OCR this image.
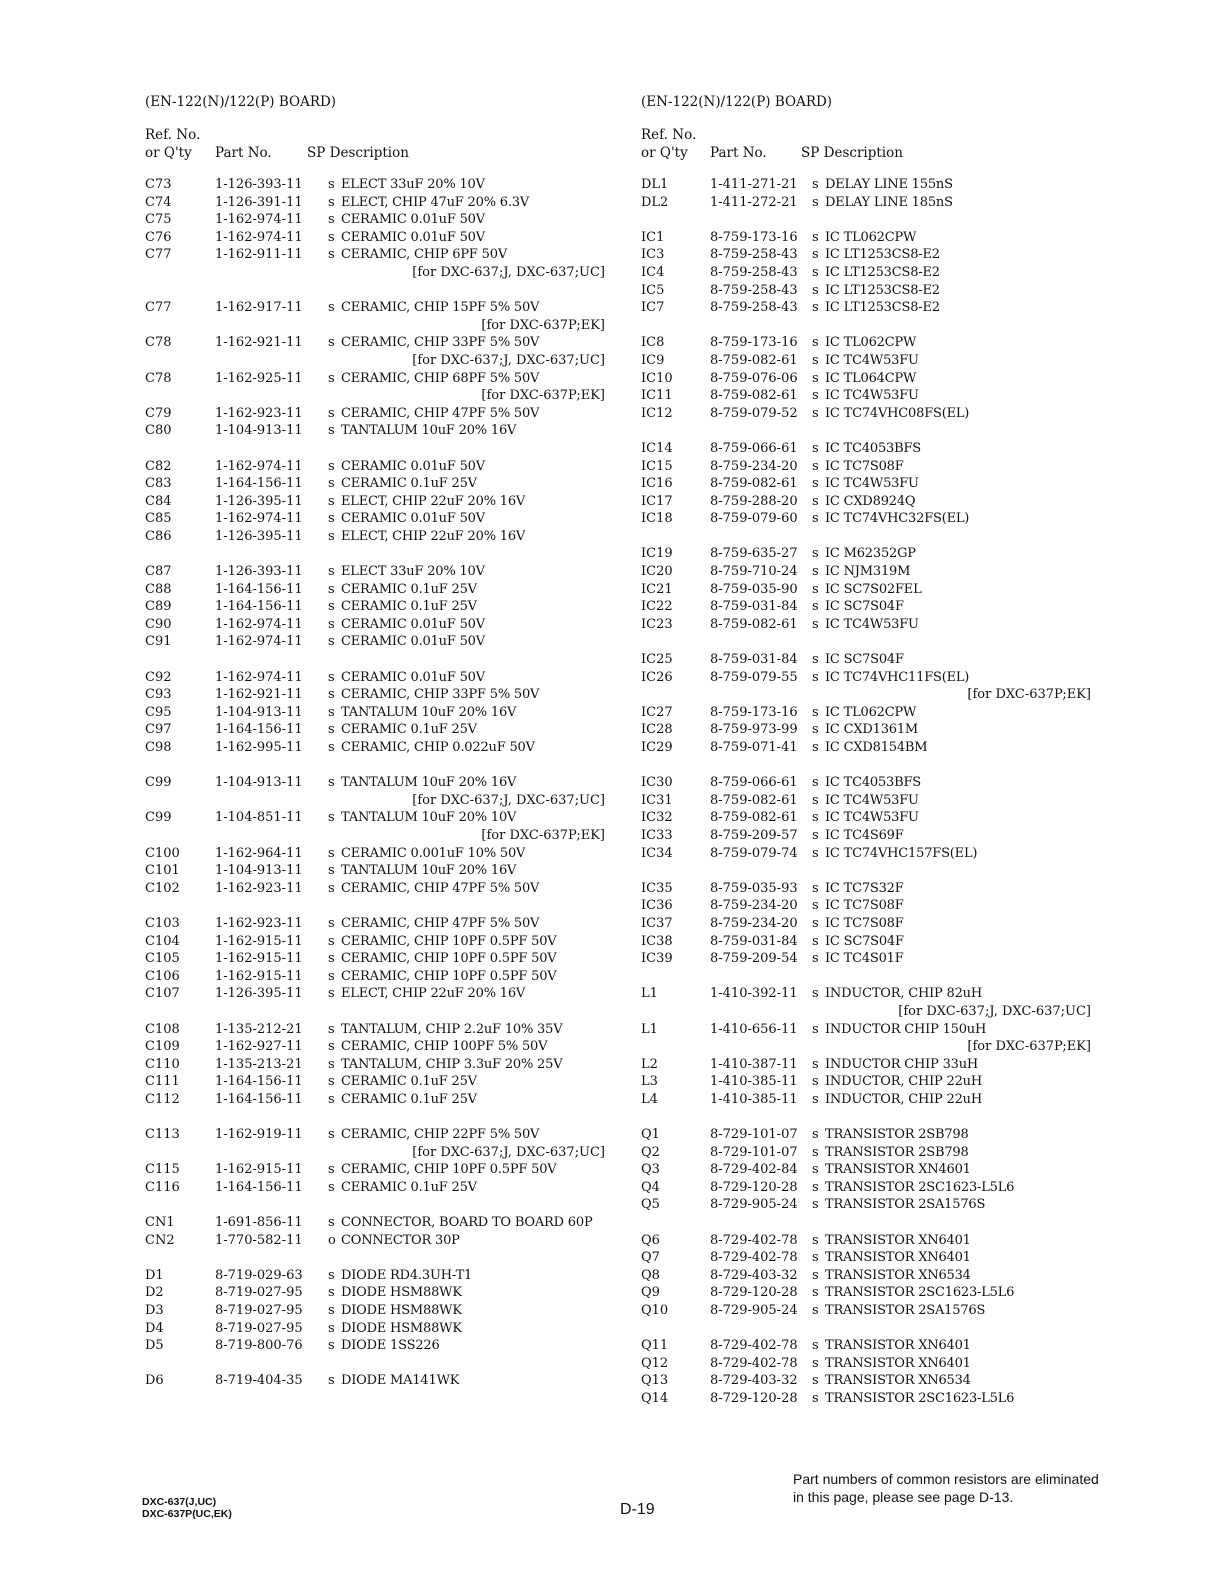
(EN-122(N)/122(P) BOARD)
Ref. No.
or Q'ty Part No.	SP Description
C73	1-126-393-11 s ELECT 33uF 20% 10V
C74	1-126-391-11 s ELECT, CHIP 47uF 20% 6.3V
C75	1-162-974-11 s CERAMIC 0.01uF 50V
C76	1-162-974-11 s CERAMIC 0.01uF 50V
C77	1-162-911-11 s CERAMIC, CHIP 6PF 50V
[for DXC-637;J, DXC-637;UC]
C77	1-162-917-11 s CERAMIC, CHIP 15PF 5% 50V
[for DXC-637P;EK]
C78	1-162-921-11 s CERAMIC, CHIP 33PF 5% 50V
[for DXC-637;J, DXC-637;UC]
C78	1-162-925-11 s CERAMIC, CHIP 68PF 5% 50V
[for DXC-637P;EK]
C79	1-162-923-11 s CERAMIC, CHIP 47PF 5% 50V
C80	1-104-913-11 s TANTALUM 10uF 20% 16V
C82	1-162-974-11 s CERAMIC 0.01uF 50V
C83	1-164-156-11 s CERAMIC 0.1uF 25V
C84	1-126-395-11 s ELECT, CHIP 22uF 20% 16V
C85	1-162-974-11 s CERAMIC 0.01uF 50V
C86	1-126-395-11 s ELECT, CHIP 22uF 20% 16V
C87	1-126-393-11 s ELECT 33uF 20% 10V
C88	1-164-156-11 s CERAMIC 0.1uF 25V
C89	1-164-156-11 s CERAMIC 0.1uF 25V
C90	1-162-974-11 s CERAMIC 0.01uF 50V
C91	1-162-974-11 s CERAMIC 0.01uF 50V
C92	1-162-974-11 s CERAMIC 0.01uF 50V
C93	1-162-921-11 s CERAMIC, CHIP 33PF 5% 50V
C95	1-104-913-11 s TANTALUM 10uF 20% 16V
C97	1-164-156-11 s CERAMIC 0.1uF 25V
C98	1-162-995-11 s CERAMIC, CHIP 0.022uF 50V
C99	1-104-913-11 s TANTALUM 10uF 20% 16V
[for DXC-637;J, DXC-637;UC]
C99	1-104-851-11 s TANTALUM 10uF 20% 10V
[for DXC-637P;EK]
C100	1-162-964-11 s CERAMIC 0.001uF 10% 50V
C101	1-104-913-11 s TANTALUM 10uF 20% 16V
C102	1-162-923-11 s CERAMIC, CHIP 47PF 5% 50V
C103	1-162-923-11 s CERAMIC, CHIP 47PF 5% 50V
C104	1-162-915-11 s CERAMIC, CHIP 10PF 0.5PF 50V
C105	1-162-915-11 s CERAMIC, CHIP 10PF 0.5PF 50V
C106	1-162-915-11 s CERAMIC, CHIP 10PF 0.5PF 50V
C107	1-126-395-11 s ELECT, CHIP 22uF 20% 16V
C108	1-135-212-21 s TANTALUM, CHIP 2.2uF 10% 35V
C109	1-162-927-11 s CERAMIC, CHIP 100PF 5% 50V
C110	1-135-213-21 s TANTALUM, CHIP 3.3uF 20% 25V
C111	1-164-156-11 s CERAMIC 0.1uF 25V
C112	1-164-156-11 s CERAMIC 0.1uF 25V
C113	1-162-919-11 s CERAMIC, CHIP 22PF 5% 50V
[for DXC-637;J, DXC-637;UC]
C115	1-162-915-11 s CERAMIC, CHIP 10PF 0.5PF 50V
C116	1-164-156-11 s CERAMIC 0.1uF 25V
CN1	1-691-856-11 s CONNECTOR, BOARD TO BOARD 60P
CN2	1-770-582-11 o CONNECTOR 30P
D1	8-719-029-63 s DIODE RD4.3UH-T1
D2	8-719-027-95 s DIODE HSM88WK
D3	8-719-027-95 s DIODE HSM88WK
D4	8-719-027-95 s DIODE HSM88WK
D5	8-719-800-76 s DIODE 1SS226
D6	8-719-404-35 s DIODE MA141WK
(EN-122(N)/122(P) BOARD)
Ref. No.
or Q'ty Part No.	SP Description
DL1	1-411-271-21 s DELAY LINE 155nS
DL2	1-411-272-21 s DELAY LINE 185nS
IC1	8-759-173-16 s IC TL062CPW
IC3	8-759-258-43 s IC LT1253CS8-E2
IC4	8-759-258-43 s IC LT1253CS8-E2
IC5	8-759-258-43 s IC LT1253CS8-E2
IC7	8-759-258-43 s IC LT1253CS8-E2
IC8	8-759-173-16 s IC TL062CPW
IC9	8-759-082-61 s IC TC4W53FU
IC10	8-759-076-06 s IC TL064CPW
IC11	8-759-082-61 s IC TC4W53FU
IC12	8-759-079-52 s IC TC74VHC08FS(EL)
IC14	8-759-066-61 s IC TC4053BFS
IC15	8-759-234-20 s IC TC7S08F
IC16	8-759-082-61 s IC TC4W53FU
IC17	8-759-288-20 s IC CXD8924Q
IC18	8-759-079-60 s IC TC74VHC32FS(EL)
IC19	8-759-635-27 s IC M62352GP
IC20	8-759-710-24 s IC NJM319M
IC21	8-759-035-90 s IC SC7S02FEL
IC22	8-759-031-84 s IC SC7S04F
IC23	8-759-082-61 s IC TC4W53FU
IC25	8-759-031-84 s IC SC7S04F
IC26	8-759-079-55 s IC TC74VHC11FS(EL)
[for DXC-637P;EK]
IC27	8-759-173-16 s IC TL062CPW
IC28	8-759-973-99 s IC CXD1361M
IC29	8-759-071-41 s IC CXD8154BM
IC30	8-759-066-61 s IC TC4053BFS
IC31	8-759-082-61 s IC TC4W53FU
IC32	8-759-082-61 s IC TC4W53FU
IC33	8-759-209-57 s IC TC4S69F
IC34	8-759-079-74 s IC TC74VHC157FS(EL)
IC35	8-759-035-93 s IC TC7S32F
IC36	8-759-234-20 s IC TC7S08F
IC37	8-759-234-20 s IC TC7S08F
IC38	8-759-031-84 s IC SC7S04F
IC39	8-759-209-54 s IC TC4S01F
L1	1-410-392-11 s INDUCTOR, CHIP 82uH
[for DXC-637;J, DXC-637;UC]
L1	1-410-656-11 s INDUCTOR CHIP 150uH
[for DXC-637P;EK]
L2	1-410-387-11 s INDUCTOR CHIP 33uH
L3	1-410-385-11 s INDUCTOR, CHIP 22uH
L4	1-410-385-11 s INDUCTOR, CHIP 22uH
Q1	8-729-101-07 s TRANSISTOR 2SB798
Q2	8-729-101-07 s TRANSISTOR 2SB798
Q3	8-729-402-84 s TRANSISTOR XN4601
Q4	8-729-120-28 s TRANSISTOR 2SC1623-L5L6
Q5	8-729-905-24 s TRANSISTOR 2SA1576S
Q6	8-729-402-78 s TRANSISTOR XN6401
Q7	8-729-402-78 s TRANSISTOR XN6401
Q8	8-729-403-32 s TRANSISTOR XN6534
Q9	8-729-120-28 s TRANSISTOR 2SC1623-L5L6
Q10	8-729-905-24 s TRANSISTOR 2SA1576S
Q11	8-729-402-78 s TRANSISTOR XN6401
Q12	8-729-402-78 s TRANSISTOR XN6401
Q13	8-729-403-32 s TRANSISTOR XN6534
Q14	8-729-120-28 s TRANSISTOR 2SC1623-L5L6
DXC-637(J,UC)
DXC-637P(UC,EK)	D-19
Part numbers of common resistors are eliminated
in this page, please see page D-13.
